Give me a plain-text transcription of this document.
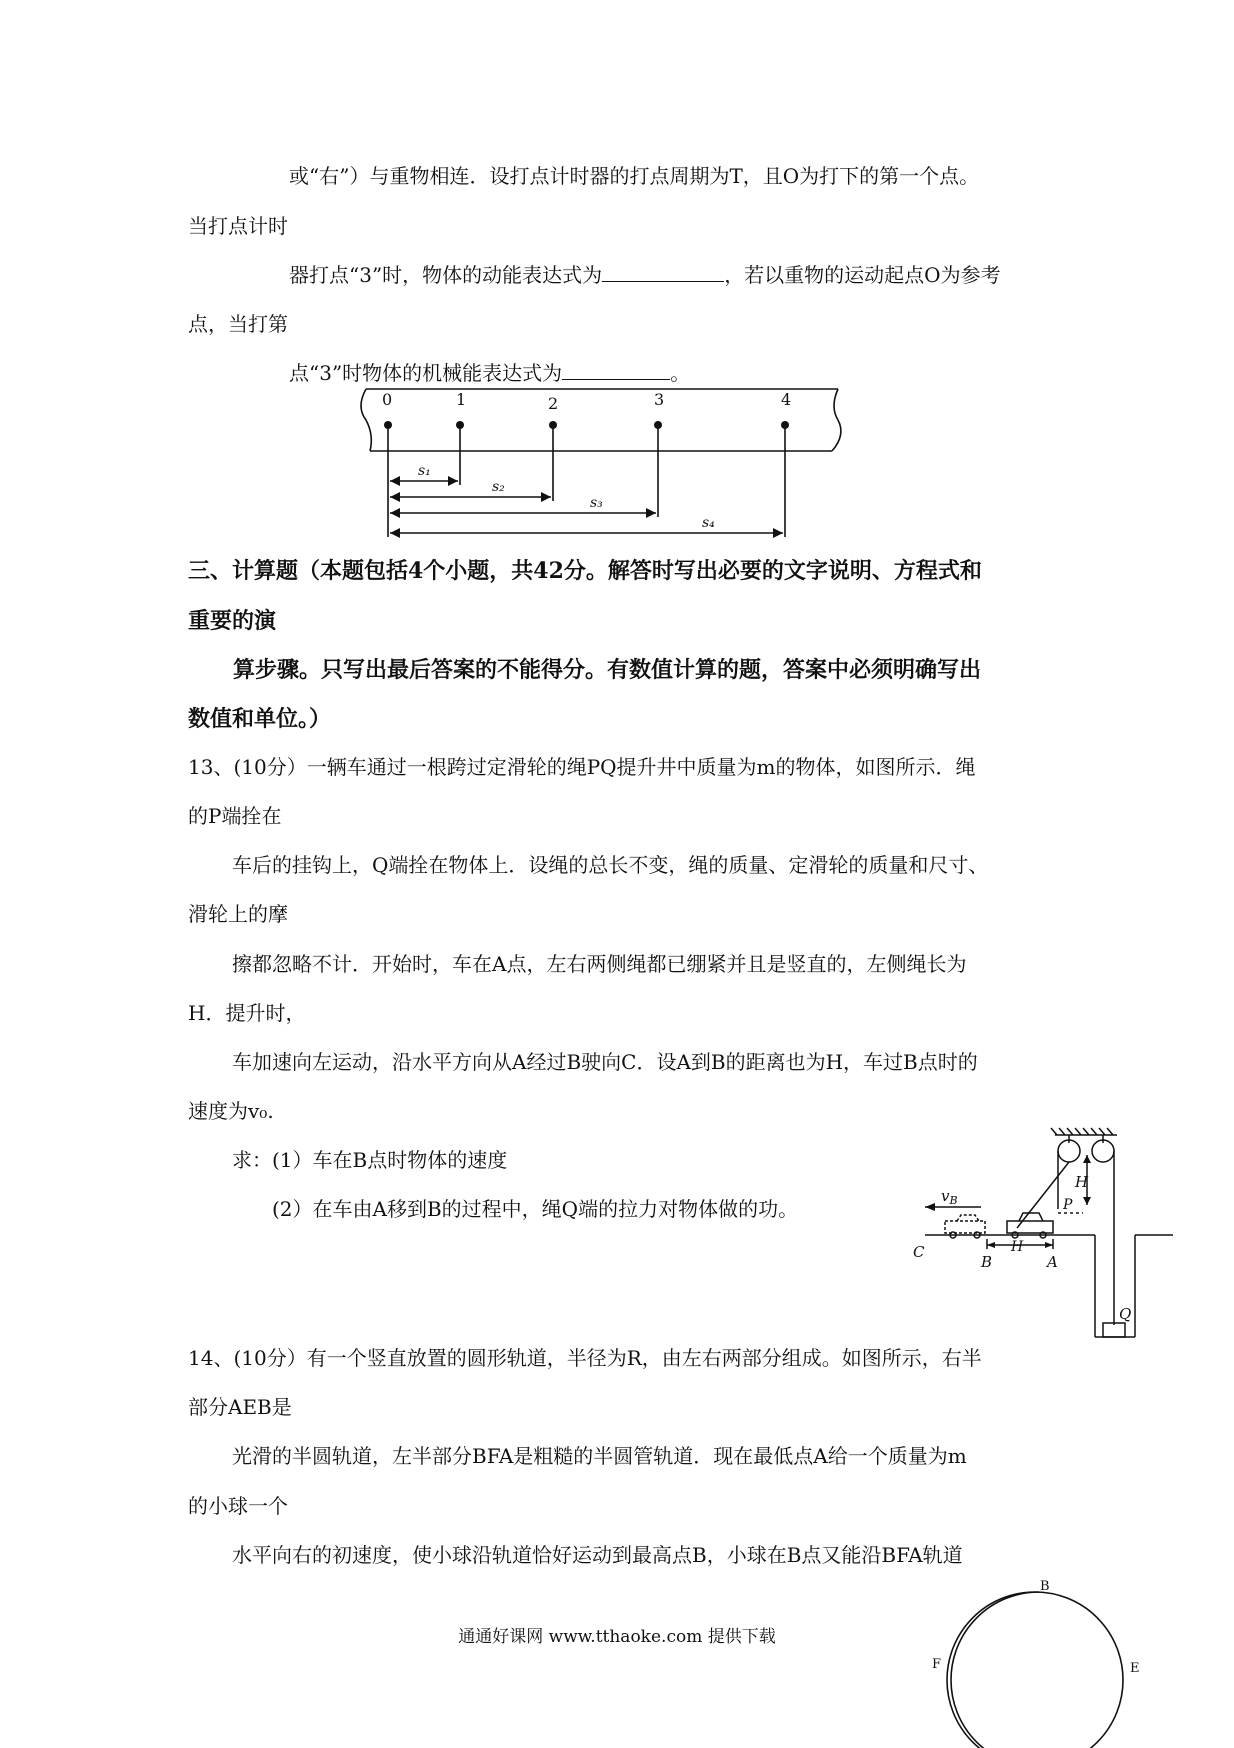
或“右”）与重物相连．设打点计时器的打点周期为T，且O为打下的第一个点。
当打点计时
器打点“3”时，物体的动能表达式为	，若以重物的运动起点O为参考
点，当打第
点“3”时物体的机械能表达式为	。
0	1	2	3	4
s₁
s₂
s₃
s₄
三、计算题（本题包括4个小题，共42分。解答时写出必要的文字说明、方程式和
重要的演
算步骤。只写出最后答案的不能得分。有数值计算的题，答案中必须明确写出
数值和单位。）
13、(10分）一辆车通过一根跨过定滑轮的绳PQ提升井中质量为m的物体，如图所示．绳
的P端拴在
车后的挂钩上，Q端拴在物体上．设绳的总长不变，绳的质量、定滑轮的质量和尺寸、
滑轮上的摩
擦都忽略不计．开始时，车在A点，左右两侧绳都已绷紧并且是竖直的，左侧绳长为
H．提升时，
车加速向左运动，沿水平方向从A经过B驶向C．设A到B的距离也为H，车过B点时的
速度为v₀.
求：(1）车在B点时物体的速度
(2）在车由A移到B的过程中，绳Q端的拉力对物体做的功。
$v_B$
H
P
H
C
B	A
Q
14、(10分）有一个竖直放置的圆形轨道，半径为R，由左右两部分组成。如图所示，右半
部分AEB是
光滑的半圆轨道，左半部分BFA是粗糙的半圆管轨道．现在最低点A给一个质量为m
的小球一个
水平向右的初速度，使小球沿轨道恰好运动到最高点B，小球在B点又能沿BFA轨道
B
E
F
通通好课网 www.tthaoke.com 提供下载
